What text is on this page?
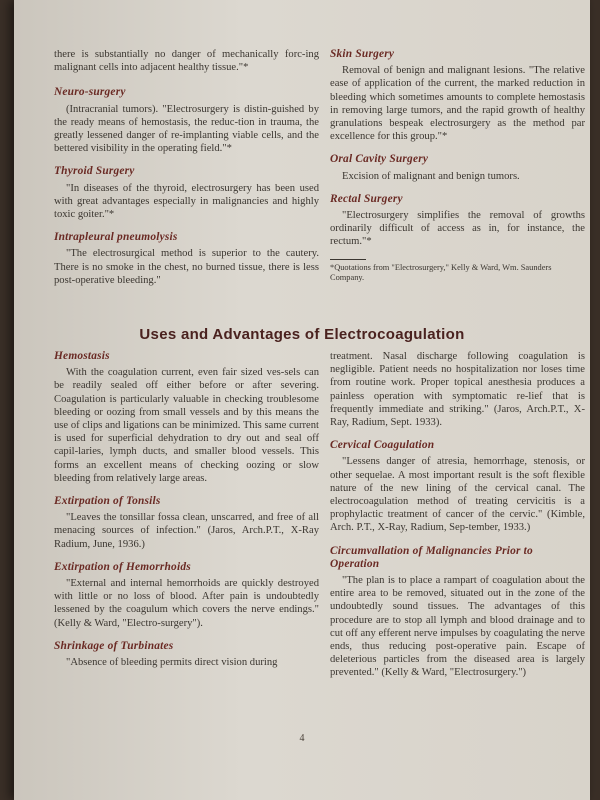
there is substantially no danger of mechanically forc-ing malignant cells into adjacent healthy tissue."*

Neuro-surgery

(Intracranial tumors). "Electrosurgery is distin-guished by the ready means of hemostasis, the reduc-tion in trauma, the greatly lessened danger of re-implanting viable cells, and the bettered visibility in the operating field."*

Thyroid Surgery

"In diseases of the thyroid, electrosurgery has been used with great advantages especially in malignancies and highly toxic goiter."*

Intrapleural pneumolysis

"The electrosurgical method is superior to the cautery. There is no smoke in the chest, no burned tissue, there is less post-operative bleeding."

Skin Surgery

Removal of benign and malignant lesions. "The relative ease of application of the current, the marked reduction in bleeding which sometimes amounts to complete hemostasis in removing large tumors, and the rapid growth of healthy granulations bespeak electrosurgery as the method par excellence for this group."*

Oral Cavity Surgery

Excision of malignant and benign tumors.

Rectal Surgery

"Electrosurgery simplifies the removal of growths ordinarily difficult of access as in, for instance, the rectum."*

*Quotations from "Electrosurgery," Kelly & Ward, Wm. Saunders Company.
Uses and Advantages of Electrocoagulation
Hemostasis

With the coagulation current, even fair sized ves-sels can be readily sealed off either before or after severing. Coagulation is particularly valuable in checking troublesome bleeding or oozing from small vessels and by this means the use of clips and ligations can be minimized. This same current is used for superficial dehydration to dry out and seal off capil-laries, lymph ducts, and smaller blood vessels. This forms an excellent means of checking oozing or slow bleeding from relatively large areas.

Extirpation of Tonsils

"Leaves the tonsillar fossa clean, unscarred, and free of all menacing sources of infection." (Jaros, Arch.P.T., X-Ray Radium, June, 1936.)

Extirpation of Hemorrhoids

"External and internal hemorrhoids are quickly destroyed with little or no loss of blood. After pain is undoubtedly lessened by the coagulum which covers the nerve endings." (Kelly & Ward, "Electro-surgery").

Shrinkage of Turbinates

"Absence of bleeding permits direct vision during

treatment. Nasal discharge following coagulation is negligible. Patient needs no hospitalization nor loses time from routine work. Proper topical anesthesia produces a painless operation with symptomatic re-lief that is frequently immediate and striking." (Jaros, Arch.P.T., X-Ray, Radium, Sept. 1933).

Cervical Coagulation

"Lessens danger of atresia, hemorrhage, stenosis, or other sequelae. A most important result is the soft flexible nature of the new lining of the cervical canal. The electrocoagulation method of treating cervicitis is a prophylactic treatment of cancer of the cervic." (Kimble, Arch. P.T., X-Ray, Radium, Sep-tember, 1933.)

Circumvallation of Malignancies Prior to Operation

"The plan is to place a rampart of coagulation about the entire area to be removed, situated out in the zone of the undoubtedly sound tissues. The advantages of this procedure are to stop all lymph and blood drainage and to cut off any efferent nerve impulses by coagulating the nerve ends, thus reducing post-operative pain. Escape of deleterious particles from the diseased area is largely prevented." (Kelly & Ward, "Electrosurgery.")

4
